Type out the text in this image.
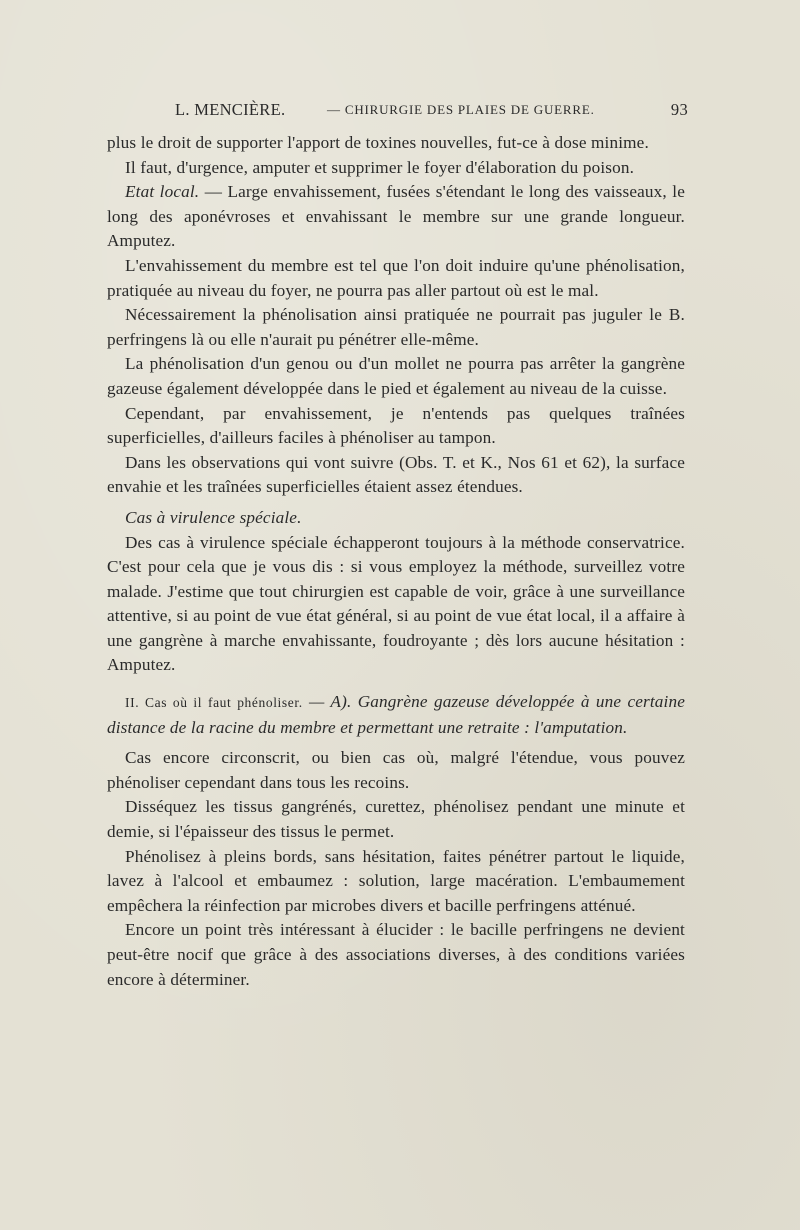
L. MENCIÈRE.	— CHIRURGIE DES PLAIES DE GUERRE.	93

plus le droit de supporter l'apport de toxines nouvelles, fut-ce à dose minime.

Il faut, d'urgence, amputer et supprimer le foyer d'élaboration du poison.

Etat local. — Large envahissement, fusées s'étendant le long des vaisseaux, le long des aponévroses et envahissant le membre sur une grande longueur. Amputez.

L'envahissement du membre est tel que l'on doit induire qu'une phénolisation, pratiquée au niveau du foyer, ne pourra pas aller partout où est le mal.

Nécessairement la phénolisation ainsi pratiquée ne pourrait pas juguler le B. perfringens là ou elle n'aurait pu pénétrer elle-même.

La phénolisation d'un genou ou d'un mollet ne pourra pas arrêter la gangrène gazeuse également développée dans le pied et également au niveau de la cuisse.

Cependant, par envahissement, je n'entends pas quelques traînées superficielles, d'ailleurs faciles à phénoliser au tampon.

Dans les observations qui vont suivre (Obs. T. et K., Nos 61 et 62), la surface envahie et les traînées superficielles étaient assez étendues.

Cas à virulence spéciale.

Des cas à virulence spéciale échapperont toujours à la méthode conservatrice. C'est pour cela que je vous dis : si vous employez la méthode, surveillez votre malade. J'estime que tout chirurgien est capable de voir, grâce à une surveillance attentive, si au point de vue état général, si au point de vue état local, il a affaire à une gangrène à marche envahissante, foudroyante ; dès lors aucune hésitation : Amputez.

II. Cas où il faut phénoliser. — A). Gangrène gazeuse développée à une certaine distance de la racine du membre et permettant une retraite : l'amputation.

Cas encore circonscrit, ou bien cas où, malgré l'étendue, vous pouvez phénoliser cependant dans tous les recoins.

Disséquez les tissus gangrénés, curettez, phénolisez pendant une minute et demie, si l'épaisseur des tissus le permet.

Phénolisez à pleins bords, sans hésitation, faites pénétrer partout le liquide, lavez à l'alcool et embaumez : solution, large macération. L'embaumement empêchera la réinfection par microbes divers et bacille perfringens atténué.

Encore un point très intéressant à élucider : le bacille perfringens ne devient peut-être nocif que grâce à des associations diverses, à des conditions variées encore à déterminer.
